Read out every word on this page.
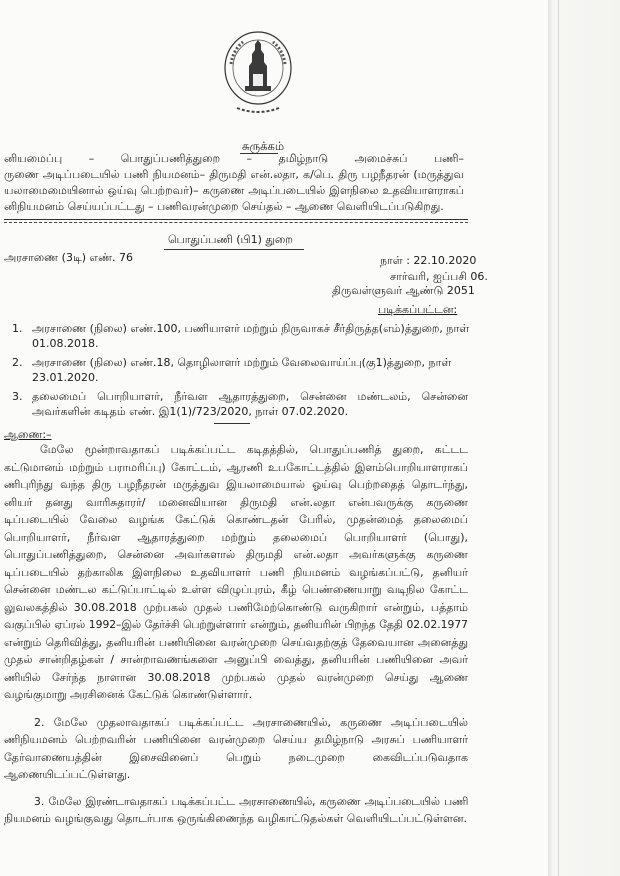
சுருக்கம்
னியமைப்பு – பொதுப்பணித்துறை – தமிழ்நாடு அமைச்சுப் பணி–
ருணை அடிப்படையில் பணி நியமனம்– திருமதி என்.லதா, க/பெ. திரு பழநீதரன் (மருத்துவ
யலாமைமையினால் ஒய்வு பெற்றவர்)– கருணை அடிப்படையில் இளநிலை உதவியாளராகப்
னிநியமனம் செய்யப்பட்டது – பணிவரன்முறை செய்தல் – ஆணை வெளியிடப்படுகிறது.
பொதுப்பணி (பி1) துறை
அரசாணை (3டி) எண். 76	நாள் : 22.10.2020
சார்வரி, ஐப்பசி 06.
திருவள்ளுவர் ஆண்டு 2051
படிக்கப்பட்டன:
1. அரசாணை (நிலை) எண்.100, பணியாளர் மற்றும் நிருவாகச் சீர்திருத்த(எம்)த்துறை, நாள்
01.08.2018.
2. அரசாணை (நிலை) எண்.18, தொழிலாளர் மற்றும் வேலைவாய்ப்பு(கு1)த்துறை, நாள்
23.01.2020.
3. தலைமைப் பொறியாளர், நீர்வள ஆதாரத்துறை, சென்னை மண்டலம், சென்னை
அவர்களின் கடிதம் எண். இ1(1)/723/2020, நாள் 07.02.2020.
ஆணை:–
மேலே மூன்றாவதாகப் படிக்கப்பட்ட கடிதத்தில், பொதுப்பணித் துறை, கட்டட
கட்டுமானம் மற்றும் பராமரிப்பு) கோட்டம், ஆரணி உபகோட்டத்தில் இளம்பொறியாளராகப்
ணிபுரிந்து வந்த திரு பழநீதரன் மருத்துவ இயலாமையால் ஓய்வு பெற்றதைத் தொடர்ந்து,
னியர் தனது வாரிசுதாரர்/ மனைவியான திருமதி என்.லதா என்பவருக்கு கருணை
டிப்படையில் வேலை வழங்க கேட்டுக் கொண்டதன் பேரில், முதன்மைத் தலைமைப்
பொறியாளர், நீர்வள ஆதாரத்துறை மற்றும் தலைமைப் பொறியாளர் (பொது),
பொதுப்பணித்துறை, சென்னை அவர்களால் திருமதி என்.லதா அவர்களுக்கு கருணை
டிப்படையில் தற்காலிக இளநிலை உதவியாளர் பணி நியமனம் வழங்கப்பட்டு, தனியர்
சென்னை மண்டல கட்டுப்பாட்டில் உள்ள விழுப்புரம், கீழ் பெண்ணையாறு வடிநில கோட்ட
லுவலகத்தில் 30.08.2018 முற்பகல் முதல் பணிமேற்கொண்டு வருகிறார் என்றும், பத்தாம்
வகுப்பில் ஏப்ரல் 1992–இல் தேர்ச்சி பெற்றுள்ளார் என்றும், தனியரின் பிறந்த தேதி 02.02.1977
என்றும் தெரிவித்து, தனியரின் பணியினை வரன்முறை செய்வதற்குத் தேவையான அனைத்து
முதல் சான்றிதழ்கள் / சான்றாவணங்களை அனுப்பி வைத்து, தனியரின் பணியினை அவர்
ணியில் சேர்ந்த நாளான 30.08.2018 முற்பகல் முதல் வரன்முறை செய்து ஆணை
வழங்குமாறு அரசினைக் கேட்டுக் கொண்டுள்ளார்.
2. மேலே முதலாவதாகப் படிக்கப்பட்ட அரசாணையில், கருணை அடிப்படையில்
ணிநியமனம் பெற்றவரின் பணியினை வரன்முறை செய்ய தமிழ்நாடு அரசுப் பணியாளர்
தேர்வாணையத்தின் இசைவினைப் பெறும் நடைமுறை கைவிடப்படுவதாக
ஆணையிடப்பட்டுள்ளது.
3. மேலே இரண்டாவதாகப் படிக்கப்பட்ட அரசாணையில், கருணை அடிப்படையில் பணி
நியமனம் வழங்குவது தொடர்பாக ஒருங்கிணைந்த வழிகாட்டுதல்கள் வெளியிடப்பட்டுள்ளன.
